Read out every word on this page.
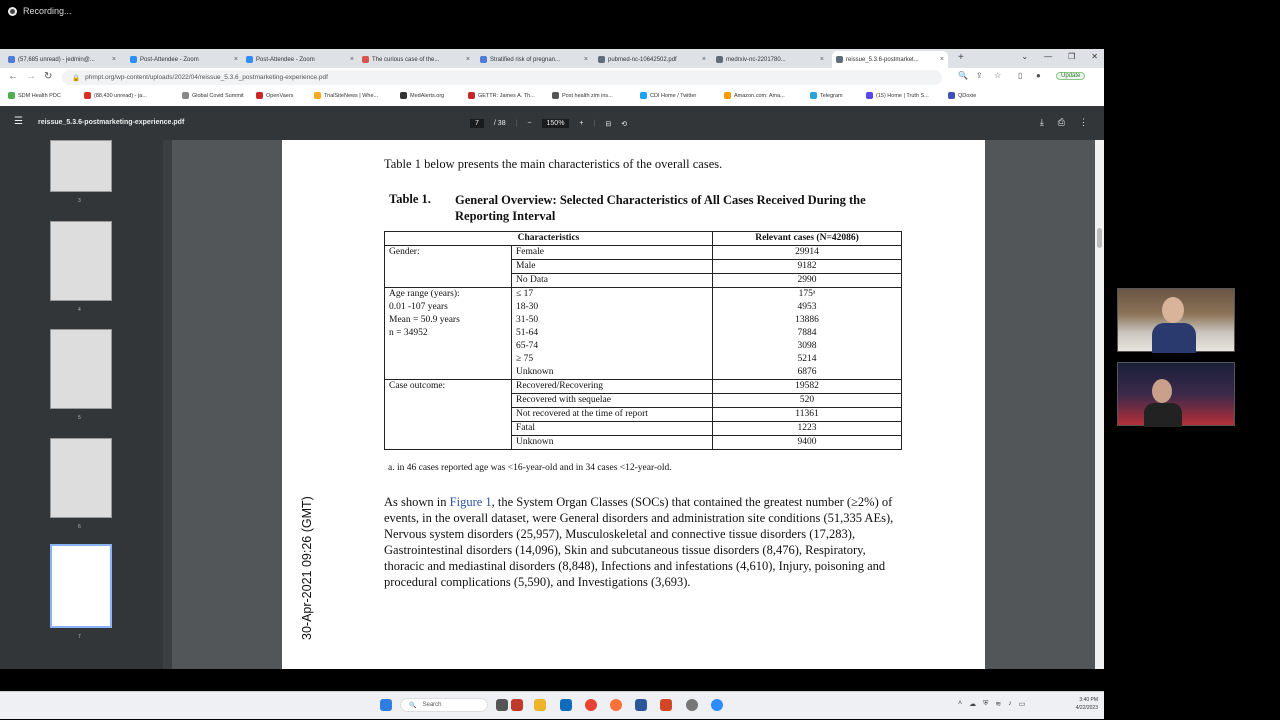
Recording...
(57,685 unread) - jedmin@... ×	Post-Attendee - Zoom	×	Post-Attendee - Zoom	×	The curious case of the...	×	Stratified risk of pregnan...	×	pubmed-nc-10642502.pdf	×	medrxiv-nc-2201780...	×	reissue_5.3.6-postmarket...	× +	⌄ — ❐ ✕
← → ↻	🔒 phmpt.org/wp-content/uploads/2022/04/reissue_5.3.6_postmarketing-experience.pdf	🔍 ⇪ ☆ ▯ ●	Update
SDM Health PDC	(88,430 unread) - ja...	Global Covid Summit	OpenVaers	TrialSiteNews | Whe...	MedAlerts.org	GETTR: James A. Th...	Post health zim ins...	CDI Home / Twitter	Amazon.com: Ama...	Telegram	(15) Home | Truth S...	QDoxie
☰ reissue_5.3.6-postmarketing-experience.pdf	7	/ 38 | −	150%	+ | ⊟ ⟲	⤓ ⎙ ⋮
3
4
5
6
7
Table 1 below presents the main characteristics of the overall cases.
Table 1. General Overview: Selected Characteristics of All Cases Received During the Reporting Interval
Characteristics		Relevant cases (N=42086)

Gender:	Female	29914
	Male	9182
	No Data	2990

Age range (years):
0.01 -107 years
Mean = 50.9 years
n = 34952	≤ 17	175ᵃ
	18-30	4953
	31-50	13886
	51-64	7884
	65-74	3098
	≥ 75	5214
	Unknown	6876

Case outcome:	Recovered/Recovering	19582
	Recovered with sequelae	520
	Not recovered at the time of report	11361
	Fatal	1223
	Unknown	9400
a. in 46 cases reported age was <16-year-old and in 34 cases <12-year-old.
As shown in Figure 1, the System Organ Classes (SOCs) that contained the greatest number (≥2%) of events, in the overall dataset, were General disorders and administration site conditions (51,335 AEs), Nervous system disorders (25,957), Musculoskeletal and connective tissue disorders (17,283), Gastrointestinal disorders (14,096), Skin and subcutaneous tissue disorders (8,476), Respiratory, thoracic and mediastinal disorders (8,848), Infections and infestations (4,610), Injury, poisoning and procedural complications (5,590), and Investigations (3,693).
30-Apr-2021 09:26 (GMT)
🔍 Search	˄ ☁ ⛨ ≋ ♪ ▭
3:40 PM
4/22/2023
